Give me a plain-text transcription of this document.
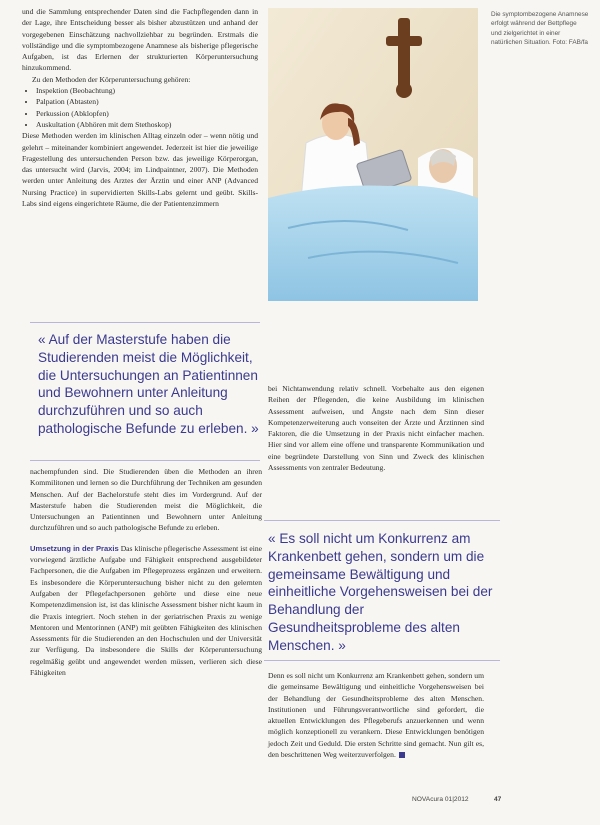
und die Sammlung entsprechender Daten sind die Fachpflegenden dann in der Lage, ihre Entscheidung besser als bisher abzustützen und anhand der vorgegebenen Einschätzung nachvollziehbar zu begründen. Erstmals die vollständige und die symptombezogene Anamnese als bisherige pflegerische Aufgaben, ist das Erlernen der strukturierten Körperuntersuchung hinzukommend.

Zu den Methoden der Körperuntersuchung gehören:

• Inspektion (Beobachtung)
• Palpation (Abtasten)
• Perkussion (Abklopfen)
• Auskultation (Abhören mit dem Stethoskop)

Diese Methoden werden im klinischen Alltag einzeln oder – wenn nötig und gelehrt – miteinander kombiniert angewendet. Jederzeit ist hier die jeweilige Fragestellung des untersuchenden Person bzw. das jeweilige Körperorgan, das untersucht wird (Jarvis, 2004; im Lindpaintner, 2007). Die Methoden werden unter Anleitung des Arztes der Ärztin und einer ANP (Advanced Nursing Practice) in supervidierten Skills-Labs gelernt und geübt. Skills-Labs sind eigens eingerichtete Räume, die der Patientenzimmern

Die symptombezogene Anamnese erfolgt während der Bettpflege und zielgerichtet in einer natürlichen Situation. Foto: FAB/fa
« Auf der Masterstufe haben die Studierenden meist die Möglichkeit, die Untersuchungen an Patientinnen und Bewohnern unter Anleitung durchzuführen und so auch pathologische Befunde zu erleben. »

nachempfunden sind. Die Studierenden üben die Methoden an ihren Kommilitonen und lernen so die Durchführung der Techniken am gesunden Menschen. Auf der Bachelorstufe steht dies im Vordergrund. Auf der Masterstufe haben die Studierenden meist die Möglichkeit, die Untersuchungen an Patientinnen und Bewohnern unter Anleitung durchzuführen und so auch pathologische Befunde zu erleben.

Umsetzung in der Praxis Das klinische pflegerische Assessment ist eine vorwiegend ärztliche Aufgabe und Fähigkeit entsprechend ausgebildeter Fachpersonen, die die Aufgaben im Pflegeprozess ergänzen und erweitern. Es insbesondere die Körperuntersuchung bisher nicht zu den gelernten Aufgaben der Pflegefachpersonen gehörte und diese eine neue Kompetenzdimension ist, ist das klinische Assessment bisher nicht kaum in die Praxis integriert. Noch stehen in der geriatrischen Praxis zu wenige Mentoren und Mentorinnen (ANP) mit geübten Fähigkeiten des klinischen Assessments für die Studierenden an den Hochschulen und der Universität zur Verfügung. Da insbesondere die Skills der Körperuntersuchung regelmäßig geübt und angewendet werden müssen, verlieren sich diese Fähigkeiten

bei Nichtanwendung relativ schnell. Vorbehalte aus den eigenen Reihen der Pflegenden, die keine Ausbildung im klinischen Assessment aufweisen, und Ängste nach dem Sinn dieser Kompetenzerweiterung auch vonseiten der Ärzte und Ärztinnen sind Faktoren, die die Umsetzung in der Praxis nicht einfacher machen. Hier sind vor allem eine offene und transparente Kommunikation und eine begründete Darstellung von Sinn und Zweck des klinischen Assessments von zentraler Bedeutung.

« Es soll nicht um Konkurrenz am Krankenbett gehen, sondern um die gemeinsame Bewältigung und einheitliche Vorgehensweisen bei der Behandlung der Gesundheitsprobleme des alten Menschen. »

Denn es soll nicht um Konkurrenz am Krankenbett gehen, sondern um die gemeinsame Bewältigung und einheitliche Vorgehensweisen bei der Behandlung der Gesundheitsprobleme des alten Menschen. Institutionen und Führungsverantwortliche sind gefordert, die aktuellen Entwicklungen des Pflegeberufs anzuerkennen und wenn möglich konzeptionell zu verankern. Diese Entwicklungen benötigen jedoch Zeit und Geduld. Die ersten Schritte sind gemacht. Nun gilt es, den beschrittenen Weg weiterzuverfolgen.

NOVAcura 01|2012	47
